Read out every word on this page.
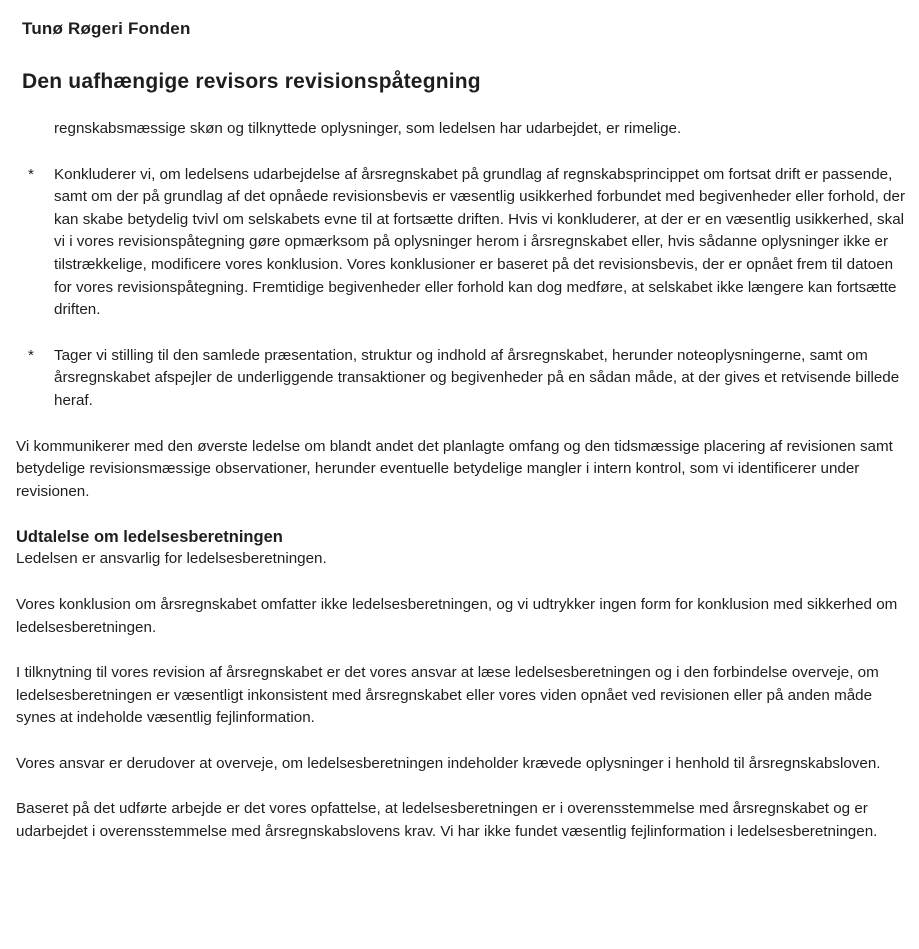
Tunø Røgeri Fonden
Den uafhængige revisors revisionspåtegning

regnskabsmæssige skøn og tilknyttede oplysninger, som ledelsen har udarbejdet, er rimelige.

* Konkluderer vi, om ledelsens udarbejdelse af årsregnskabet på grundlag af regnskabsprincippet om fortsat drift er passende, samt om der på grundlag af det opnåede revisionsbevis er væsentlig usikkerhed forbundet med begivenheder eller forhold, der kan skabe betydelig tvivl om selskabets evne til at fortsætte driften. Hvis vi konkluderer, at der er en væsentlig usikkerhed, skal vi i vores revisionspåtegning gøre opmærksom på oplysninger herom i årsregnskabet eller, hvis sådanne oplysninger ikke er tilstrækkelige, modificere vores konklusion. Vores konklusioner er baseret på det revisionsbevis, der er opnået frem til datoen for vores revisionspåtegning. Fremtidige begivenheder eller forhold kan dog medføre, at selskabet ikke længere kan fortsætte driften.

* Tager vi stilling til den samlede præsentation, struktur og indhold af årsregnskabet, herunder noteoplysningerne, samt om årsregnskabet afspejler de underliggende transaktioner og begivenheder på en sådan måde, at der gives et retvisende billede heraf.

Vi kommunikerer med den øverste ledelse om blandt andet det planlagte omfang og den tidsmæssige placering af revisionen samt betydelige revisionsmæssige observationer, herunder eventuelle betydelige mangler i intern kontrol, som vi identificerer under revisionen.

Udtalelse om ledelsesberetningen

Ledelsen er ansvarlig for ledelsesberetningen.

Vores konklusion om årsregnskabet omfatter ikke ledelsesberetningen, og vi udtrykker ingen form for konklusion med sikkerhed om ledelsesberetningen.

I tilknytning til vores revision af årsregnskabet er det vores ansvar at læse ledelsesberetningen og i den forbindelse overveje, om ledelsesberetningen er væsentligt inkonsistent med årsregnskabet eller vores viden opnået ved revisionen eller på anden måde synes at indeholde væsentlig fejlinformation.

Vores ansvar er derudover at overveje, om ledelsesberetningen indeholder krævede oplysninger i henhold til årsregnskabsloven.

Baseret på det udførte arbejde er det vores opfattelse, at ledelsesberetningen er i overensstemmelse med årsregnskabet og er udarbejdet i overensstemmelse med årsregnskabslovens krav. Vi har ikke fundet væsentlig fejlinformation i ledelsesberetningen.
